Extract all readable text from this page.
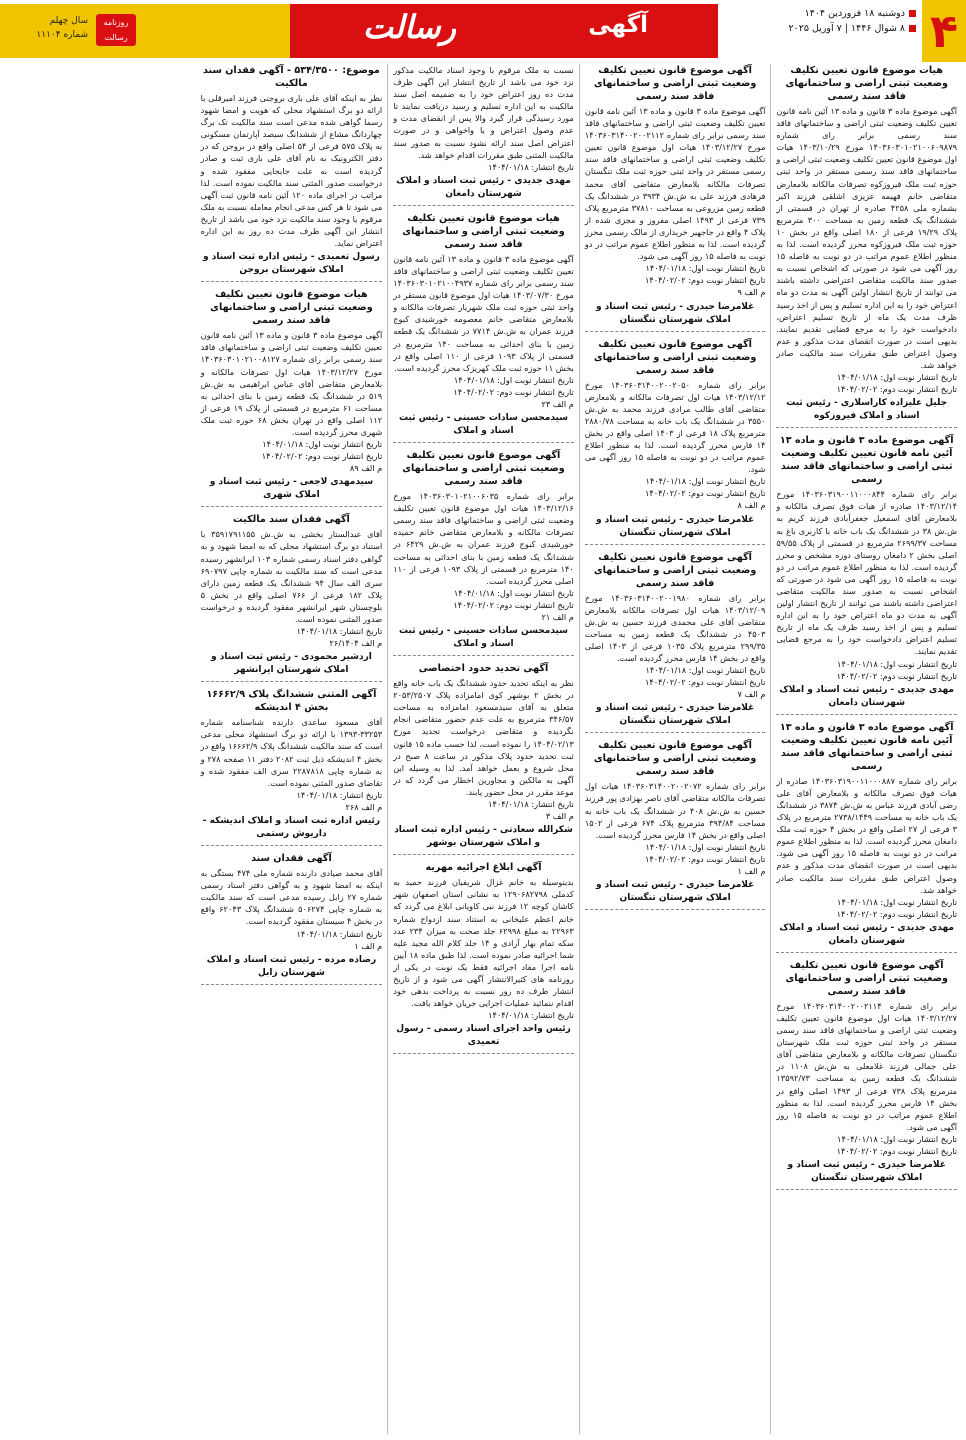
۴
دوشنبه ۱۸ فروردین ۱۴۰۴
۸ شوال ۱۴۴۶ | ۷ آوریل ۲۰۲۵
آگهی
رسالت
روزنامه رسالت
سال چهلم
شماره ۱۱۱۰۴
هیات موضوع قانون تعیین تکلیف وضعیت ثبتی اراضی و ساختمانهای فاقد سند رسمی
آگهی موضوع ماده ۳ قانون و ماده ۱۳ آئین نامه قانون تعیین تکلیف وضعیت ثبتی اراضی و ساختمانهای فاقد سند رسمی برابر رای شماره ۱۴۰۳۶۰۳۰۱۰۲۱۰۰۶۰۹۸۷۹ مورخ ۱۴۰۳/۱۰/۲۹ هیات اول موضوع قانون تعیین تکلیف وضعیت ثبتی اراضی و ساختمانهای فاقد سند رسمی مستقر در واحد ثبتی حوزه ثبت ملک فیروزکوه تصرفات مالکانه بلامعارض متقاضی خانم فهیمه عزیزی اشلقی فرزند اکبر بشماره ملی ۴۲۵۸ صادره از تهران در قسمتی از ششدانگ یک قطعه زمین به مساحت ۳۰۰ مترمربع پلاک ۱۹/۲۹ فرعی از ۱۸۰ اصلی واقع در بخش ۱۰ حوزه ثبت ملک فیروزکوه محرز گردیده است. لذا به منظور اطلاع عموم مراتب در دو نوبت به فاصله ۱۵ روز آگهی می شود در صورتی که اشخاص نسبت به صدور سند مالکیت متقاضی اعتراضی داشته باشند می توانند از تاریخ انتشار اولین آگهی به مدت دو ماه اعتراض خود را به این اداره تسلیم و پس از اخذ رسید ظرف مدت یک ماه از تاریخ تسلیم اعتراض، دادخواست خود را به مرجع قضایی تقدیم نمایند. بدیهی است در صورت انقضای مدت مذکور و عدم وصول اعتراض طبق مقررات سند مالکیت صادر خواهد شد.
تاریخ انتشار نوبت اول: ۱۴۰۴/۰۱/۱۸
تاریخ انتشار نوبت دوم: ۱۴۰۴/۰۲/۰۲
جلیل علیزاده کاراسلاری - رئیس ثبت اسناد و املاک فیروزکوه
آگهی موضوع ماده ۳ قانون و ماده ۱۳ آئین نامه قانون تعیین تکلیف وضعیت ثبتی اراضی و ساختمانهای فاقد سند رسمی
برابر رای شماره ۱۴۰۳۶۰۳۱۹۰۰۱۱۰۰۰۸۴۴ مورخ ۱۴۰۳/۱۲/۱۴ صادره از هیات فوق تصرف مالکانه و بلامعارض آقای اسمعیل جعفرآبادی فرزند کریم به ش.ش ۳۸ در ششدانگ یک باب خانه با کاربری باغ به مساحت ۲۶۹۹/۳۷ مترمربع در قسمتی از پلاک ۵۹/۵۵ اصلی بخش ۲ دامغان روستای دوزه مشخص و محرز گردیده است. لذا به منظور اطلاع عموم مراتب در دو نوبت به فاصله ۱۵ روز آگهی می شود در صورتی که اشخاص نسبت به صدور سند مالکیت متقاضی اعتراضی داشته باشند می توانند از تاریخ انتشار اولین آگهی به مدت دو ماه اعتراض خود را به این اداره تسلیم و پس از اخذ رسید ظرف یک ماه از تاریخ تسلیم اعتراض دادخواست خود را به مرجع قضایی تقدیم نمایند.
تاریخ انتشار نوبت اول: ۱۴۰۴/۰۱/۱۸
تاریخ انتشار نوبت دوم: ۱۴۰۴/۰۲/۰۲
مهدی جدیدی - رئیس ثبت اسناد و املاک شهرستان دامغان
آگهی موضوع ماده ۳ قانون و ماده ۱۳ آئین نامه قانون تعیین تکلیف وضعیت ثبتی اراضی و ساختمانهای فاقد سند رسمی
برابر رای شماره ۱۴۰۳۶۰۳۱۹۰۰۱۱۰۰۰۸۸۷ صادره از هیات فوق تصرف مالکانه و بلامعارض آقای علی رضی آبادی فرزند عباس به ش.ش ۳۸۷۴ در ششدانگ یک باب خانه به مساحت ۲۷۳۸/۱۴۴۹ مترمربع در پلاک ۳ فرعی از ۲۷ اصلی واقع در بخش ۴ حوزه ثبت ملک دامغان محرز گردیده است. لذا به منظور اطلاع عموم مراتب در دو نوبت به فاصله ۱۵ روز آگهی می شود. بدیهی است در صورت انقضای مدت مذکور و عدم وصول اعتراض طبق مقررات سند مالکیت صادر خواهد شد.
تاریخ انتشار نوبت اول: ۱۴۰۴/۰۱/۱۸
تاریخ انتشار نوبت دوم: ۱۴۰۴/۰۲/۰۲
مهدی جدیدی - رئیس ثبت اسناد و املاک شهرستان دامغان
آگهی موضوع قانون تعیین تکلیف وضعیت ثبتی اراضی و ساختمانهای فاقد سند رسمی
برابر رای شماره ۱۴۰۳۶۰۳۱۴۰۰۲۰۰۲۱۱۴ مورخ ۱۴۰۳/۱۲/۲۷ هیات اول موضوع قانون تعیین تکلیف وضعیت ثبتی اراضی و ساختمانهای فاقد سند رسمی مستقر در واحد ثبتی حوزه ثبت ملک شهرستان تنگستان تصرفات مالکانه و بلامعارض متقاضی آقای علی جمالی فرزند غلامعلی به ش.ش ۱۱۰۸ در ششدانگ یک قطعه زمین به مساحت ۱۳۵۹۲/۷۳ مترمربع پلاک ۷۳۸ فرعی از ۱۴۹۳ اصلی واقع در بخش ۱۴ فارس محرز گردیده است. لذا به منظور اطلاع عموم مراتب در دو نوبت به فاصله ۱۵ روز آگهی می شود.
تاریخ انتشار نوبت اول: ۱۴۰۴/۰۱/۱۸
تاریخ انتشار نوبت دوم: ۱۴۰۴/۰۲/۰۲
غلامرضا حیدری - رئیس ثبت اسناد و املاک شهرستان تنگستان
آگهی موضوع قانون تعیین تکلیف وضعیت ثبتی اراضی و ساختمانهای فاقد سند رسمی
آگهی موضوع ماده ۳ قانون و ماده ۱۳ آئین نامه قانون تعیین تکلیف وضعیت ثبتی اراضی و ساختمانهای فاقد سند رسمی برابر رای شماره ۱۴۰۳۶۰۳۱۴۰۰۲۰۰۲۱۱۲ مورخ ۱۴۰۳/۱۲/۲۷ هیات اول موضوع قانون تعیین تکلیف وضعیت ثبتی اراضی و ساختمانهای فاقد سند رسمی مستقر در واحد ثبتی حوزه ثبت ملک تنگستان تصرفات مالکانه بلامعارض متقاضی آقای محمد فرهادی فرزند علی به ش.ش ۳۹۳۴ در ششدانگ یک قطعه زمین مزروعی به مساحت ۳۷۸۱۰ مترمربع پلاک ۷۳۹ فرعی از ۱۴۹۳ اصلی مفروز و مجزی شده از پلاک ۴ واقع در جاجهیر خریداری از مالک رسمی محرز گردیده است. لذا به منظور اطلاع عموم مراتب در دو نوبت به فاصله ۱۵ روز آگهی می شود.
تاریخ انتشار نوبت اول: ۱۴۰۴/۰۱/۱۸
تاریخ انتشار نوبت دوم: ۱۴۰۴/۰۲/۰۲
م الف ۹
غلامرضا حیدری - رئیس ثبت اسناد و املاک شهرستان تنگستان
آگهی موضوع قانون تعیین تکلیف وضعیت ثبتی اراضی و ساختمانهای فاقد سند رسمی
برابر رای شماره ۱۴۰۳۶۰۳۱۴۰۰۲۰۰۲۰۵۰ مورخ ۱۴۰۳/۱۲/۱۲ هیات اول تصرفات مالکانه و بلامعارض متقاضی آقای طالب مرادی فرزند محمد به ش.ش ۳۵۵۰ در ششدانگ یک باب خانه به مساحت ۲۸۸۰/۷۸ مترمربع پلاک ۱۸ فرعی از ۱۴۰۳ اصلی واقع در بخش ۱۴ فارس محرز گردیده است. لذا به منظور اطلاع عموم مراتب در دو نوبت به فاصله ۱۵ روز آگهی می شود.
تاریخ انتشار نوبت اول: ۱۴۰۴/۰۱/۱۸
تاریخ انتشار نوبت دوم: ۱۴۰۴/۰۲/۰۲
م الف ۸
غلامرضا حیدری - رئیس ثبت اسناد و املاک شهرستان تنگستان
آگهی موضوع قانون تعیین تکلیف وضعیت ثبتی اراضی و ساختمانهای فاقد سند رسمی
برابر رای شماره ۱۴۰۳۶۰۳۱۴۰۰۲۰۰۱۹۸۰ مورخ ۱۴۰۳/۱۲/۰۹ هیات اول تصرفات مالکانه بلامعارض متقاضی آقای علی محمدی فرزند حسین به ش.ش ۴۵۰۳ در ششدانگ یک قطعه زمین به مساحت ۲۹۹/۳۵ مترمربع پلاک ۱۰۳۵ فرعی از ۱۴۰۳ اصلی واقع در بخش ۱۴ فارس محرز گردیده است.
تاریخ انتشار نوبت اول: ۱۴۰۴/۰۱/۱۸
تاریخ انتشار نوبت دوم: ۱۴۰۴/۰۲/۰۲
م الف ۷
غلامرضا حیدری - رئیس ثبت اسناد و املاک شهرستان تنگستان
آگهی موضوع قانون تعیین تکلیف وضعیت ثبتی اراضی و ساختمانهای فاقد سند رسمی
برابر رای شماره ۱۴۰۳۶۰۳۱۴۰۰۲۰۰۲۰۷۲ هیات اول تصرفات مالکانه متقاضی آقای ناصر بهزادی پور فرزند حسین به ش.ش ۴۰۸ در ششدانگ یک باب خانه به مساحت ۳۹۴/۸۴ مترمربع پلاک ۶۷۴ فرعی از ۱۵۰۲ اصلی واقع در بخش ۱۴ فارس محرز گردیده است.
تاریخ انتشار نوبت اول: ۱۴۰۴/۰۱/۱۸
تاریخ انتشار نوبت دوم: ۱۴۰۴/۰۲/۰۲
م الف ۱
غلامرضا حیدری - رئیس ثبت اسناد و املاک شهرستان تنگستان
نسبت به ملک مرقوم با وجود اسناد مالکیت مذکور نزد خود می باشد از تاریخ انتشار این آگهی ظرف مدت ده روز اعتراض خود را به ضمیمه اصل سند مالکیت به این اداره تسلیم و رسید دریافت نمایند تا مورد رسیدگی قرار گیرد والا پس از انقضای مدت و عدم وصول اعتراض و یا واخواهی و در صورت اعتراض اصل سند ارائه نشود نسبت به صدور سند مالکیت المثنی طبق مقررات اقدام خواهد شد.
تاریخ انتشار: ۱۴۰۴/۰۱/۱۸
مهدی جدیدی - رئیس ثبت اسناد و املاک شهرستان دامغان
هیات موضوع قانون تعیین تکلیف وضعیت ثبتی اراضی و ساختمانهای فاقد سند رسمی
آگهی موضوع ماده ۳ قانون و ماده ۱۳ آئین نامه قانون تعیین تکلیف وضعیت ثبتی اراضی و ساختمانهای فاقد سند رسمی برابر رای شماره ۱۴۰۳۶۰۳۰۱۰۲۱۰۰۴۹۳۷ مورخ ۱۴۰۳/۰۷/۳۰ هیات اول موضوع قانون مستقر در واحد ثبتی حوزه ثبت ملک شهریار تصرفات مالکانه و بلامعارض متقاضی خانم معصومه خورشیدی کبوج فرزند عمران به ش.ش ۷۷۱۴ در ششدانگ یک قطعه زمین با بنای احداثی به مساحت ۱۴۰ مترمربع در قسمتی از پلاک ۱۰۹۳ فرعی از ۱۱۰ اصلی واقع در بخش ۱۱ حوزه ثبت ملک کهریزک محرز گردیده است.
تاریخ انتشار نوبت اول: ۱۴۰۴/۰۱/۱۸
تاریخ انتشار نوبت دوم: ۱۴۰۴/۰۲/۰۲
م الف ۲۳
سیدمحسن سادات حسینی - رئیس ثبت اسناد و املاک
آگهی موضوع قانون تعیین تکلیف وضعیت ثبتی اراضی و ساختمانهای فاقد سند رسمی
برابر رای شماره ۱۴۰۳۶۰۳۰۱۰۲۱۰۰۶۰۳۵ مورخ ۱۴۰۳/۱۲/۱۶ هیات اول موضوع قانون تعیین تکلیف وضعیت ثبتی اراضی و ساختمانهای فاقد سند رسمی تصرفات مالکانه و بلامعارض متقاضی خانم حمیده خورشیدی کبوج فرزند عمران به ش.ش ۶۴۲۹ در ششدانگ یک قطعه زمین با بنای احداثی به مساحت ۱۴۰ مترمربع در قسمتی از پلاک ۱۰۹۳ فرعی از ۱۱۰ اصلی محرز گردیده است.
تاریخ انتشار نوبت اول: ۱۴۰۴/۰۱/۱۸
تاریخ انتشار نوبت دوم: ۱۴۰۴/۰۲/۰۲
م الف ۲۱
سیدمحسن سادات حسینی - رئیس ثبت اسناد و املاک
آگهی تحدید حدود اختصاصی
نظر به اینکه تحدید حدود ششدانگ یک باب خانه واقع در بخش ۲ بوشهر کوی امامزاده پلاک ۲۰۵۳/۲۵۰۷ متعلق به آقای سیدمسعود امامزاده به مساحت ۳۴۶/۵۷ مترمربع به علت عدم حضور متقاضی انجام نگردیده و متقاضی درخواست تجدید مورخ ۱۴۰۴/۰۲/۱۳ را نموده است، لذا حسب ماده ۱۵ قانون ثبت تحدید حدود پلاک مذکور در ساعت ۸ صبح در محل شروع و بعمل خواهد آمد. لذا به وسیله این آگهی به مالکین و مجاورین اخطار می گردد که در موعد مقرر در محل حضور یابند.
تاریخ انتشار: ۱۴۰۴/۰۱/۱۸
م الف ۳
شکرالله سعادتی - رئیس اداره ثبت اسناد و املاک شهرستان بوشهر
آگهی ابلاغ اجرائیه مهریه
بدینوسیله به خانم غزال شریفیان فرزند حمید به کدملی ۱۲۹۰۶۸۲۷۹۸ به نشانی استان اصفهان شهر کاشان کوچه ۱۲ فرزند نبی کاویانی ابلاغ می گردد که خانم اعظم علیخانی به استناد سند ازدواج شماره ۲۲۹۶۳ به مبلغ ۶۲۹۹۸ جلد صحت به میزان ۲۳۴ عدد سکه تمام بهار آزادی و ۱۴ جلد کلام الله مجید علیه شما اجرائیه صادر نموده است. لذا طبق ماده ۱۸ آیین نامه اجرا مفاد اجرائیه فقط یک نوبت در یکی از روزنامه های کثیرالانتشار آگهی می شود و از تاریخ انتشار ظرف ده روز نسبت به پرداخت بدهی خود اقدام ننمائید عملیات اجرایی جریان خواهد یافت.
تاریخ انتشار: ۱۴۰۴/۰۱/۱۸
رئیس واحد اجرای اسناد رسمی - رسول تعمیدی
موضوع: ۵۳۴/۳۵۰۰ - آگهی فقدان سند مالکیت
نظر به اینکه آقای علی باری بروجنی فرزند امیرقلی با ارائه دو برگ استشهاد محلی که هویت و امضا شهود رسما گواهی شده مدعی است سند مالکیت تک برگ چهاردانگ مشاع از ششدانگ سیصد آپارتمان مسکونی به پلاک ۵۷۵ فرعی از ۵۴ اصلی واقع در بروجن که در دفتر الکترونیک به نام آقای علی باری ثبت و صادر گردیده است به علت جابجایی مفقود شده و درخواست صدور المثنی سند مالکیت نموده است. لذا مراتب در اجرای ماده ۱۲۰ آئین نامه قانون ثبت آگهی می شود تا هر کس مدعی انجام معامله نسبت به ملک مرقوم یا وجود سند مالکیت نزد خود می باشد از تاریخ انتشار این آگهی ظرف مدت ده روز به این اداره اعتراض نماید.
رسول تعمیدی - رئیس اداره ثبت اسناد و املاک شهرستان بروجن
هیات موضوع قانون تعیین تکلیف وضعیت ثبتی اراضی و ساختمانهای فاقد سند رسمی
آگهی موضوع ماده ۳ قانون و ماده ۱۳ آئین نامه قانون تعیین تکلیف وضعیت ثبتی اراضی و ساختمانهای فاقد سند رسمی برابر رای شماره ۱۴۰۳۶۰۳۰۱۰۲۱۰۰۸۱۲۷ مورخ ۱۴۰۳/۱۲/۲۷ هیات اول تصرفات مالکانه و بلامعارض متقاضی آقای عباس ابراهیمی به ش.ش ۵۱۹ در ششدانگ یک قطعه زمین با بنای احداثی به مساحت ۶۱ مترمربع در قسمتی از پلاک ۱۹ فرعی از ۱۱۲ اصلی واقع در تهران بخش ۶۸ حوزه ثبت ملک شهری محرز گردیده است.
تاریخ انتشار نوبت اول: ۱۴۰۴/۰۱/۱۸
تاریخ انتشار نوبت دوم: ۱۴۰۴/۰۲/۰۲
م الف ۸۹
سیدمهدی لاجعی - رئیس ثبت اسناد و املاک شهری
آگهی فقدان سند مالکیت
آقای عبدالستار بخشی به ش.ش ۳۵۹۱۷۹۱۱۵۵ با استناد دو برگ استشهاد محلی که به امضا شهود و به گواهی دفتر اسناد رسمی شماره ۱۰۳ ایرانشهر رسیده مدعی است که سند مالکیت به شماره چاپی ۶۹۰۷۹۷ سری الف سال ۹۴ ششدانگ یک قطعه زمین دارای پلاک ۱۸۲ فرعی از ۷۶۶ اصلی واقع در بخش ۵ بلوچستان شهر ایرانشهر مفقود گردیده و درخواست صدور المثنی نموده است.
تاریخ انتشار: ۱۴۰۴/۰۱/۱۸
م الف ۲۶/۱۴۰۴
اردشیر محمودی - رئیس ثبت اسناد و املاک شهرستان ایرانشهر
آگهی المثنی ششدانگ پلاک ۱۶۶۶۲/۹ بخش ۴ اندیشکه
آقای مسعود ساعدی دارنده شناسنامه شماره ۳۳۲۵۳-۱۳۹۳ با ارائه دو برگ استشهاد محلی مدعی است که سند مالکیت ششدانگ پلاک ۱۶۶۶۲/۹ واقع در بخش ۴ اندیشکه ذیل ثبت ۲۰۸۲ دفتر ۱۱ صفحه ۲۷۸ و به شماره چاپی ۲۲۸۷۸۱۸ سری الف مفقود شده و تقاضای صدور المثنی نموده است.
تاریخ انتشار: ۱۴۰۴/۰۱/۱۸
م الف ۲۶۸
رئیس اداره ثبت اسناد و املاک اندیشکه - داریوش رستمی
آگهی فقدان سند
آقای محمد صیادی دارنده شماره ملی ۴۷۴ بستگی به اینکه به امضا شهود و به گواهی دفتر اسناد رسمی شماره ۲۷ زابل رسیده مدعی است که سند مالکیت به شماره چاپی ۵۰۶۲۷۴ ششدانگ پلاک ۶۲۰۴۳ واقع در بخش ۴ سیستان مفقود گردیده است.
تاریخ انتشار: ۱۴۰۴/۰۱/۱۸
م الف ۱
رضاده مرده - رئیس ثبت اسناد و املاک شهرستان زابل
